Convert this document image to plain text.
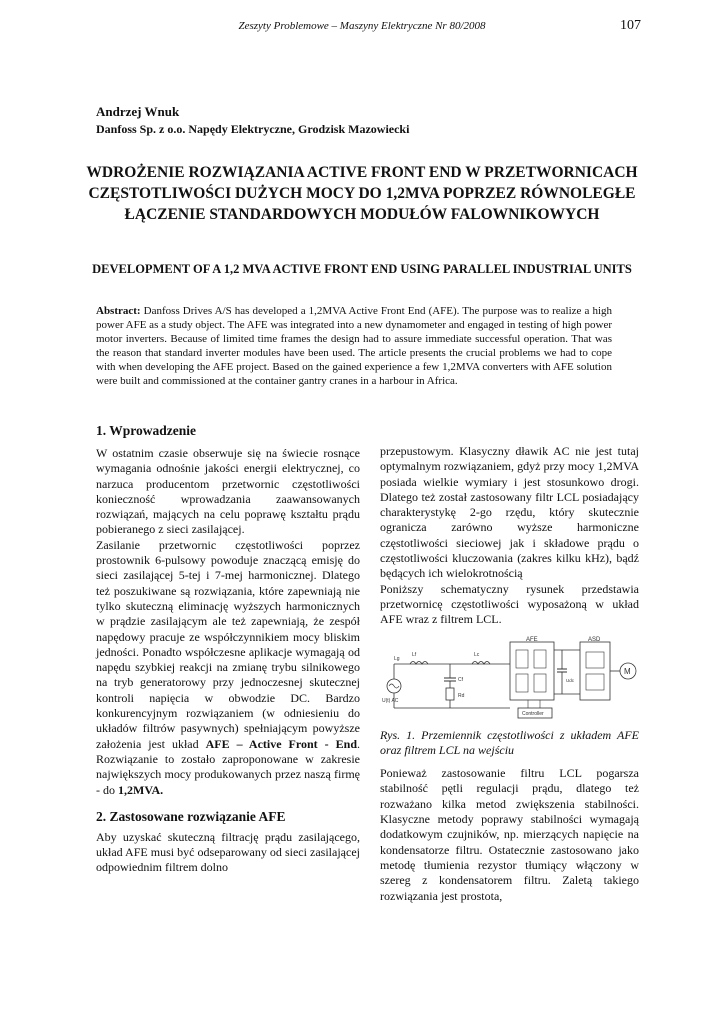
Zeszyty Problemowe – Maszyny Elektryczne Nr 80/2008	107
Andrzej Wnuk
Danfoss Sp. z o.o. Napędy Elektryczne, Grodzisk Mazowiecki
WDROŻENIE ROZWIĄZANIA ACTIVE FRONT END W PRZETWORNICACH CZĘSTOTLIWOŚCI DUŻYCH MOCY DO 1,2MVA POPRZEZ RÓWNOLEGŁE ŁĄCZENIE STANDARDOWYCH MODUŁÓW FALOWNIKOWYCH
DEVELOPMENT OF A 1,2 MVA ACTIVE FRONT END USING PARALLEL INDUSTRIAL UNITS
Abstract: Danfoss Drives A/S has developed a 1,2MVA Active Front End (AFE). The purpose was to realize a high power AFE as a study object. The AFE was integrated into a new dynamometer and engaged in testing of high power motor inverters. Because of limited time frames the design had to assure immediate successful operation. That was the reason that standard inverter modules have been used. The article presents the crucial problems we had to cope with when developing the AFE project. Based on the gained experience a few 1,2MVA converters with AFE solution were built and commissioned at the container gantry cranes in a harbour in Africa.
1. Wprowadzenie

W ostatnim czasie obserwuje się na świecie rosnące wymagania odnośnie jakości energii elektrycznej, co narzuca producentom przetwornic częstotliwości konieczność wprowadzania zaawansowanych rozwiązań, mających na celu poprawę kształtu prądu pobieranego z sieci zasilającej.

Zasilanie przetwornic częstotliwości poprzez prostownik 6-pulsowy powoduje znaczącą emisję do sieci zasilającej 5-tej i 7-mej harmonicznej. Dlatego też poszukiwane są rozwiązania, które zapewniają nie tylko skuteczną eliminację wyższych harmonicznych w prądzie zasilającym ale też zapewniają, że zespół napędowy pracuje ze współczynnikiem mocy bliskim jedności. Ponadto współczesne aplikacje wymagają od napędu szybkiej reakcji na zmianę trybu silnikowego na tryb generatorowy przy jednoczesnej skutecznej kontroli napięcia w obwodzie DC. Bardzo konkurencyjnym rozwiązaniem (w odniesieniu do układów filtrów pasywnych) spełniającym powyższe założenia jest układ AFE – Active Front - End. Rozwiązanie to zostało zaproponowane w zakresie największych mocy produkowanych przez naszą firmę - do 1,2MVA.

2. Zastosowane rozwiązanie AFE

Aby uzyskać skuteczną filtrację prądu zasilającego, układ AFE musi być odseparowany od sieci zasilającej odpowiednim filtrem dolno

przepustowym. Klasyczny dławik AC nie jest tutaj optymalnym rozwiązaniem, gdyż przy mocy 1,2MVA posiada wielkie wymiary i jest stosunkowo drogi. Dlatego też został zastosowany filtr LCL posiadający charakterystykę 2-go rzędu, który skutecznie ogranicza zarówno wyższe harmoniczne częstotliwości sieciowej jak i składowe prądu o częstotliwości kluczowania (zakres kilku kHz), bądź będących ich wielokrotnością

Poniższy schematyczny rysunek przedstawia przetwornicę częstotliwości wyposażoną w układ AFE wraz z filtrem LCL.

U(t) AC
Lg
Lf	Lc
Cf
Rd
AFE
Udc
ASD
M
Controller

Rys. 1. Przemiennik częstotliwości z układem AFE oraz filtrem LCL na wejściu

Ponieważ zastosowanie filtru LCL pogarsza stabilność pętli regulacji prądu, dlatego też rozważano kilka metod zwiększenia stabilności. Klasyczne metody poprawy stabilności wymagają dodatkowym czujników, np. mierzących napięcie na kondensatorze filtru. Ostatecznie zastosowano jako metodę tłumienia rezystor tłumiący włączony w szereg z kondensatorem filtru. Zaletą takiego rozwiązania jest prostota,
